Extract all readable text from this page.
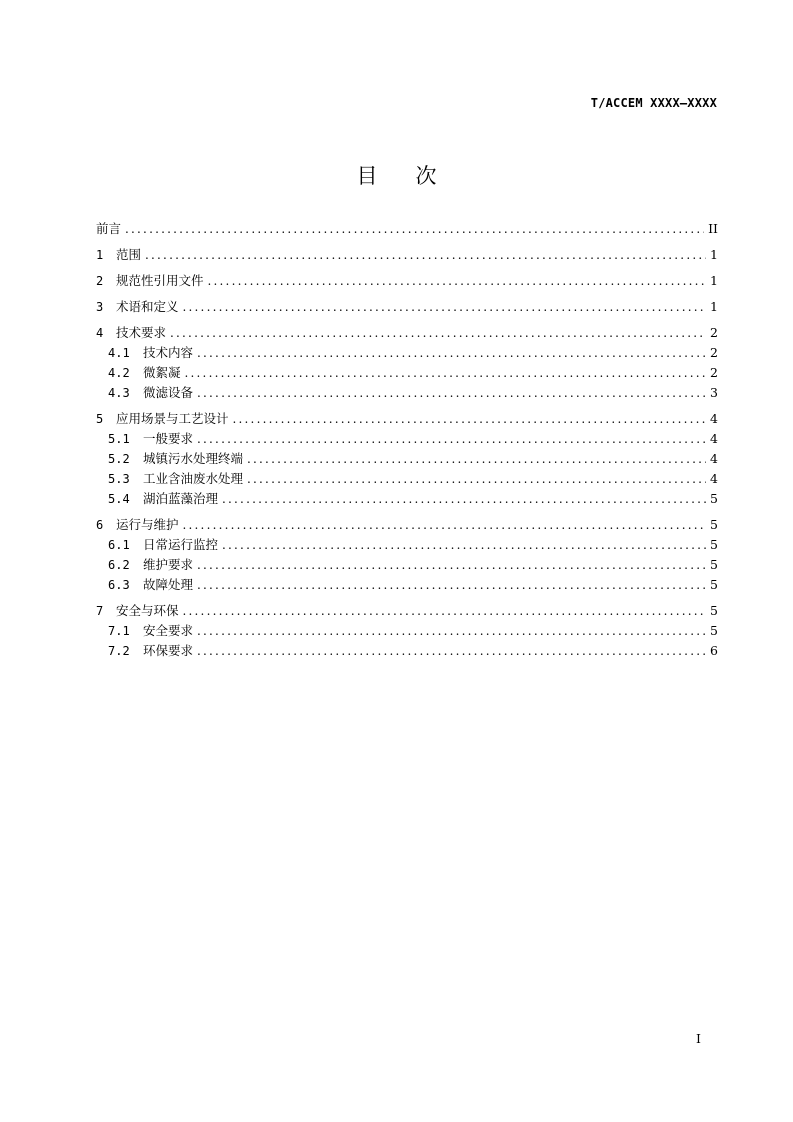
T/ACCEM XXXX—XXXX
目次
前言 .....	II
1	范围 .....	1
2	规范性引用文件 .....	1
3	术语和定义 .....	1
4	技术要求 .....	2
4.1	技术内容 .....	2
4.2	微絮凝 .....	2
4.3	微滤设备 .....	3
5	应用场景与工艺设计 .....	4
5.1	一般要求 .....	4
5.2	城镇污水处理终端 .....	4
5.3	工业含油废水处理 .....	4
5.4	湖泊蓝藻治理 .....	5
6	运行与维护 .....	5
6.1	日常运行监控 .....	5
6.2	维护要求 .....	5
6.3	故障处理 .....	5
7	安全与环保 .....	5
7.1	安全要求 .....	5
7.2	环保要求 .....	6
I
